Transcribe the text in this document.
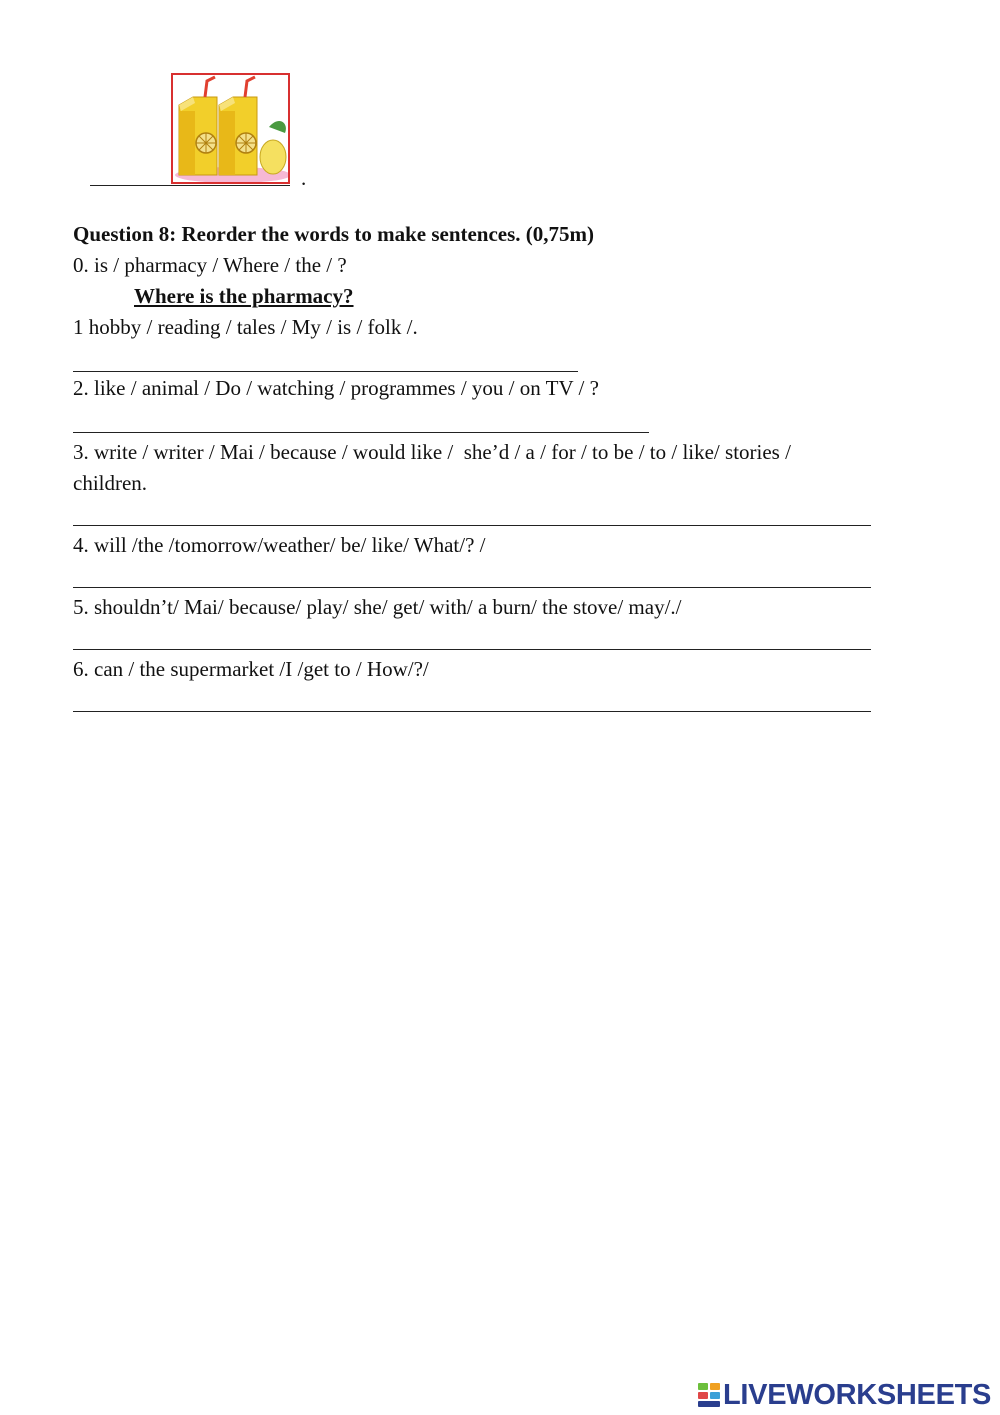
.
Question 8: Reorder the words to make sentences. (0,75m)
0. is / pharmacy / Where / the / ?
Where is the pharmacy?
1 hobby / reading / tales / My / is / folk /.
2. like / animal / Do / watching / programmes / you / on TV / ?
3. write / writer / Mai / because / would like /  she’d / a / for / to be / to / like/ stories /
children.
4. will /the /tomorrow/weather/ be/ like/ What/? /
5. shouldn’t/ Mai/ because/ play/ she/ get/ with/ a burn/ the stove/ may/./
6. can / the supermarket /I /get to / How/?/
LIVEWORKSHEETS
